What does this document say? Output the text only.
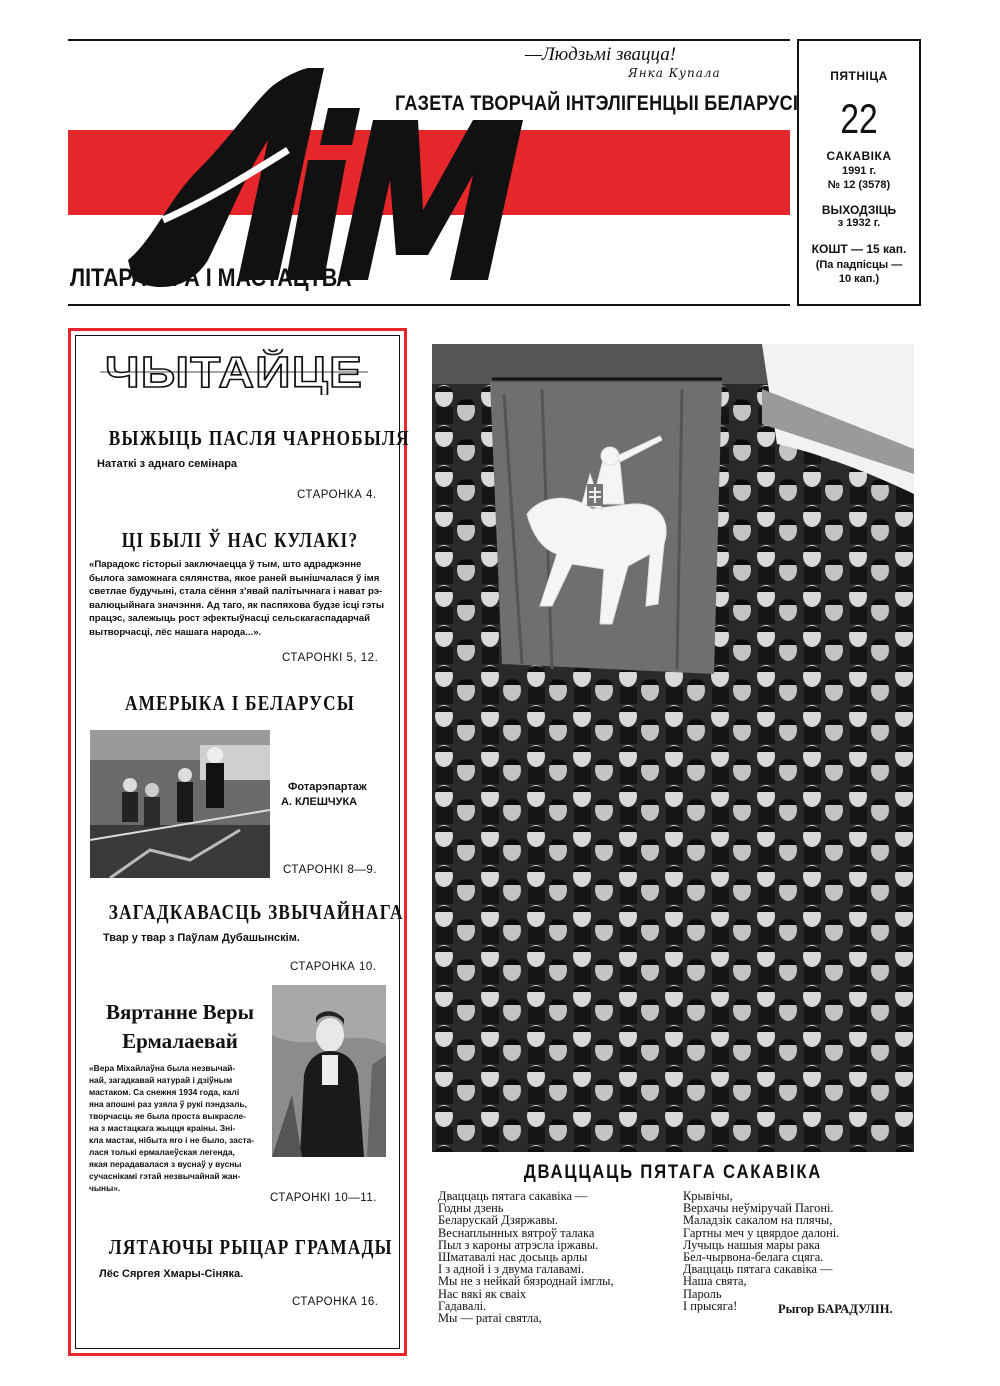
—Людзьмі звацца!
Янка Купала
ГАЗЕТА ТВОРЧАЙ ІНТЭЛІГЕНЦЫІ БЕЛАРУСІ
ЛІТАРАТУРА І МАСТАЦТВА
ПЯТНІЦА
22
САКАВІКА
1991 г.
№ 12 (3578)
ВЫХОДЗІЦЬ
з 1932 г.
КОШТ — 15 кап.
(Па падпісцы —
10 кап.)
ЧЫТАЙЦЕ
ВЫЖЫЦЬ ПАСЛЯ ЧАРНОБЫЛЯ
Нататкі з аднаго семінара
СТАРОНКА 4.
ЦІ БЫЛІ Ў НАС КУЛАКІ?
«Парадокс гісторыі заключаецца ў тым, што адраджэнне
былога заможнага сялянства, якое раней вынішчалася ў імя
светлае будучыні, стала сёння з'явай палітычнага і нават рэ-
валюцыйнага значэння. Ад таго, як паспяхова будзе ісці гэты
працэс, залежыць рост эфектыўнасці сельскагаспадарчай
вытворчасці, лёс нашага народа...».
СТАРОНКІ 5, 12.
АМЕРЫКА І БЕЛАРУСЫ
Фотарэпартаж
А. КЛЕШЧУКА
СТАРОНКІ 8—9.
ЗАГАДКАВАСЦЬ ЗВЫЧАЙНАГА
Твар у твар з Паўлам Дубашынскім.
СТАРОНКА 10.
Вяртанне Веры
Ермалаевай
«Вера Міхайлаўна была незвычай-
най, загадкавай натурай і дзіўным
мастаком. Са снежня 1934 года, калі
яна апошні раз узяла ў рукі пэндзаль,
творчасць яе была проста выкрасле-
на з мастацкага жыцця краіны. Зні-
кла мастак, нібыта яго і не было, заста-
лася толькі ермалаеўская легенда,
якая перадавалася з вуснаў у вусны
сучаснікамі гэтай незвычайнай жан-
чыны».
СТАРОНКІ 10—11.
ЛЯТАЮЧЫ РЫЦАР ГРАМАДЫ
Лёс Сяргея Хмары-Сіняка.
СТАРОНКА 16.
ДВАЦЦАЦЬ ПЯТАГА САКАВІКА
Дваццаць пятага сакавіка —
Годны дзень
Беларускай Дзяржавы.
Веснаплынных вятроў талака
Пыл з кароны атрэсла іржавы.
Шматавалі нас досыць арлы
І з адной і з двума галавамі.
Мы не з нейкай бязроднай імглы,
Нас вякі як сваіх
Гадавалі.
Мы — ратаі святла,
Крывічы,
Верхачы неўміручай Пагоні.
Маладзік сакалом на плячы,
Гартны меч у цвярдое далоні.
Лучыць нашыя мары рака
Бел-чырвона-белага сцяга.
Дваццаць пятага сакавіка —
Наша свята,
Пароль
І прысяга!	Рыгор БАРАДУЛІН.
